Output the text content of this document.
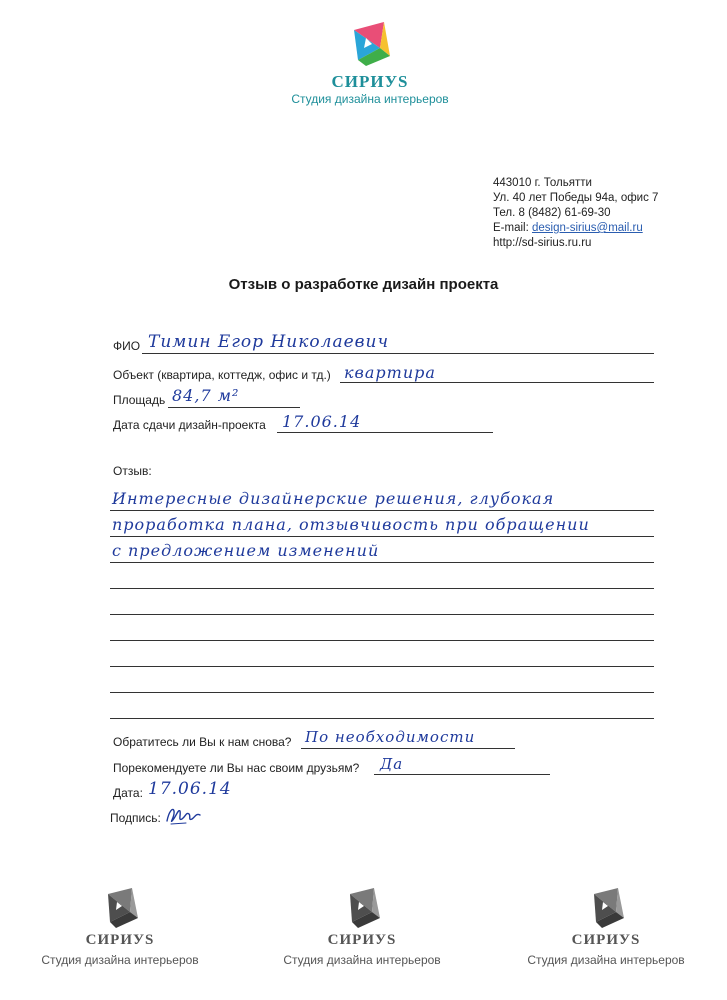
СИРИУS
Студия дизайна интерьеров
443010 г. Тольятти
Ул. 40 лет Победы 94а, офис 7
Тел. 8 (8482) 61-69-30
E-mail: design-sirius@mail.ru
http://sd-sirius.ru.ru
Отзыв о разработке дизайн проекта
ФИО Тимин Егор Николаевич
Объект (квартира, коттедж, офис и тд.) квартира
Площадь 84,7 м²
Дата сдачи дизайн-проекта 17.06.14
Отзыв:
Интересные дизайнерские решения, глубокая
проработка плана, отзывчивость при обращении
с предложением изменений
Обратитесь ли Вы к нам снова? По необходимости
Порекомендуете ли Вы нас своим друзьям? Да
Дата: 17.06.14
Подпись:
СИРИУS
Студия дизайна интерьеров
СИРИУS
Студия дизайна интерьеров
СИРИУS
Студия дизайна интерьеров
